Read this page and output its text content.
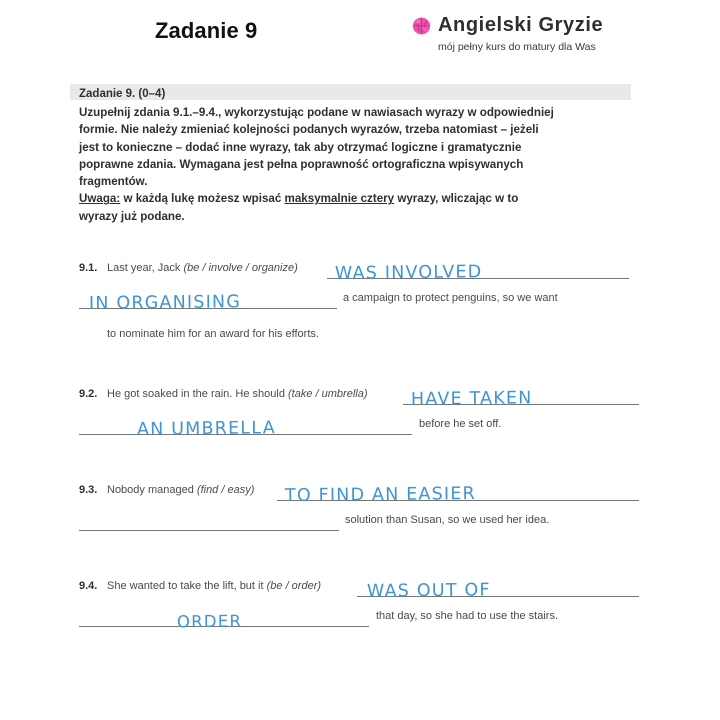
Zadanie 9	Angielski Gryzie
mój pełny kurs do matury dla Was
Zadanie 9. (0–4)
Uzupełnij zdania 9.1.–9.4., wykorzystując podane w nawiasach wyrazy w odpowiedniej
formie. Nie należy zmieniać kolejności podanych wyrazów, trzeba natomiast – jeżeli
jest to konieczne – dodać inne wyrazy, tak aby otrzymać logiczne i gramatycznie
poprawne zdania. Wymagana jest pełna poprawność ortograficzna wpisywanych
fragmentów.
Uwaga: w każdą lukę możesz wpisać maksymalnie cztery wyrazy, wliczając w to
wyrazy już podane.
9.1. Last year, Jack (be / involve / organize) WAS INVOLVED
IN ORGANISING	a campaign to protect penguins, so we want
to nominate him for an award for his efforts.
9.2. He got soaked in the rain. He should (take / umbrella) HAVE TAKEN
AN UMBRELLA	before he set off.
9.3. Nobody managed (find / easy) TO FIND AN EASIER
solution than Susan, so we used her idea.
9.4. She wanted to take the lift, but it (be / order)	WAS OUT OF
ORDER	that day, so she had to use the stairs.
